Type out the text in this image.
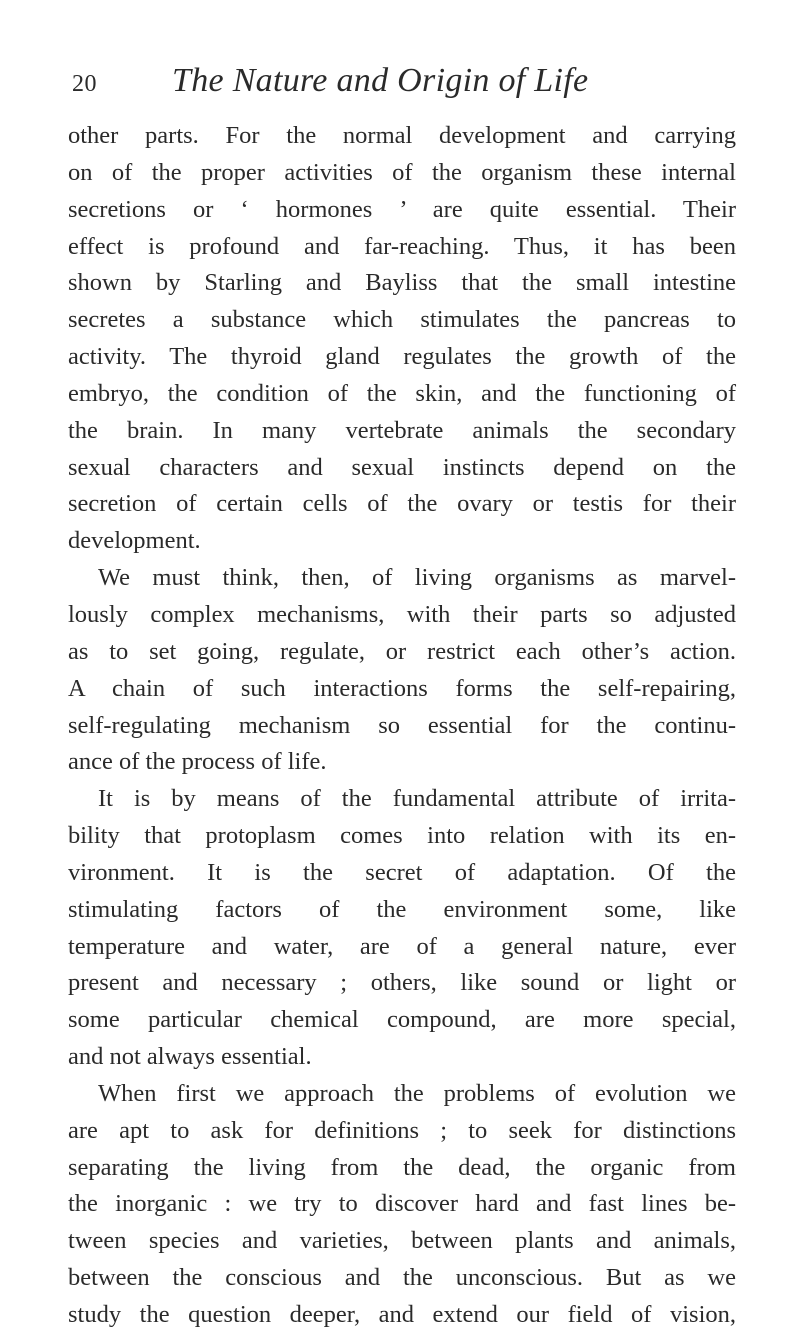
20 The Nature and Origin of Life
other parts. For the normal development and carrying
on of the proper activities of the organism these internal
secretions or ‘ hormones ’ are quite essential. Their
effect is profound and far-reaching. Thus, it has been
shown by Starling and Bayliss that the small intestine
secretes a substance which stimulates the pancreas to
activity. The thyroid gland regulates the growth of the
embryo, the condition of the skin, and the functioning of
the brain. In many vertebrate animals the secondary
sexual characters and sexual instincts depend on the
secretion of certain cells of the ovary or testis for their
development.
We must think, then, of living organisms as marvel-
lously complex mechanisms, with their parts so adjusted
as to set going, regulate, or restrict each other’s action.
A chain of such interactions forms the self-repairing,
self-regulating mechanism so essential for the continu-
ance of the process of life.
It is by means of the fundamental attribute of irrita-
bility that protoplasm comes into relation with its en-
vironment. It is the secret of adaptation. Of the
stimulating factors of the environment some, like
temperature and water, are of a general nature, ever
present and necessary ; others, like sound or light or
some particular chemical compound, are more special,
and not always essential.
When first we approach the problems of evolution we
are apt to ask for definitions ; to seek for distinctions
separating the living from the dead, the organic from
the inorganic : we try to discover hard and fast lines be-
tween species and varieties, between plants and animals,
between the conscious and the unconscious. But as we
study the question deeper, and extend our field of vision,
